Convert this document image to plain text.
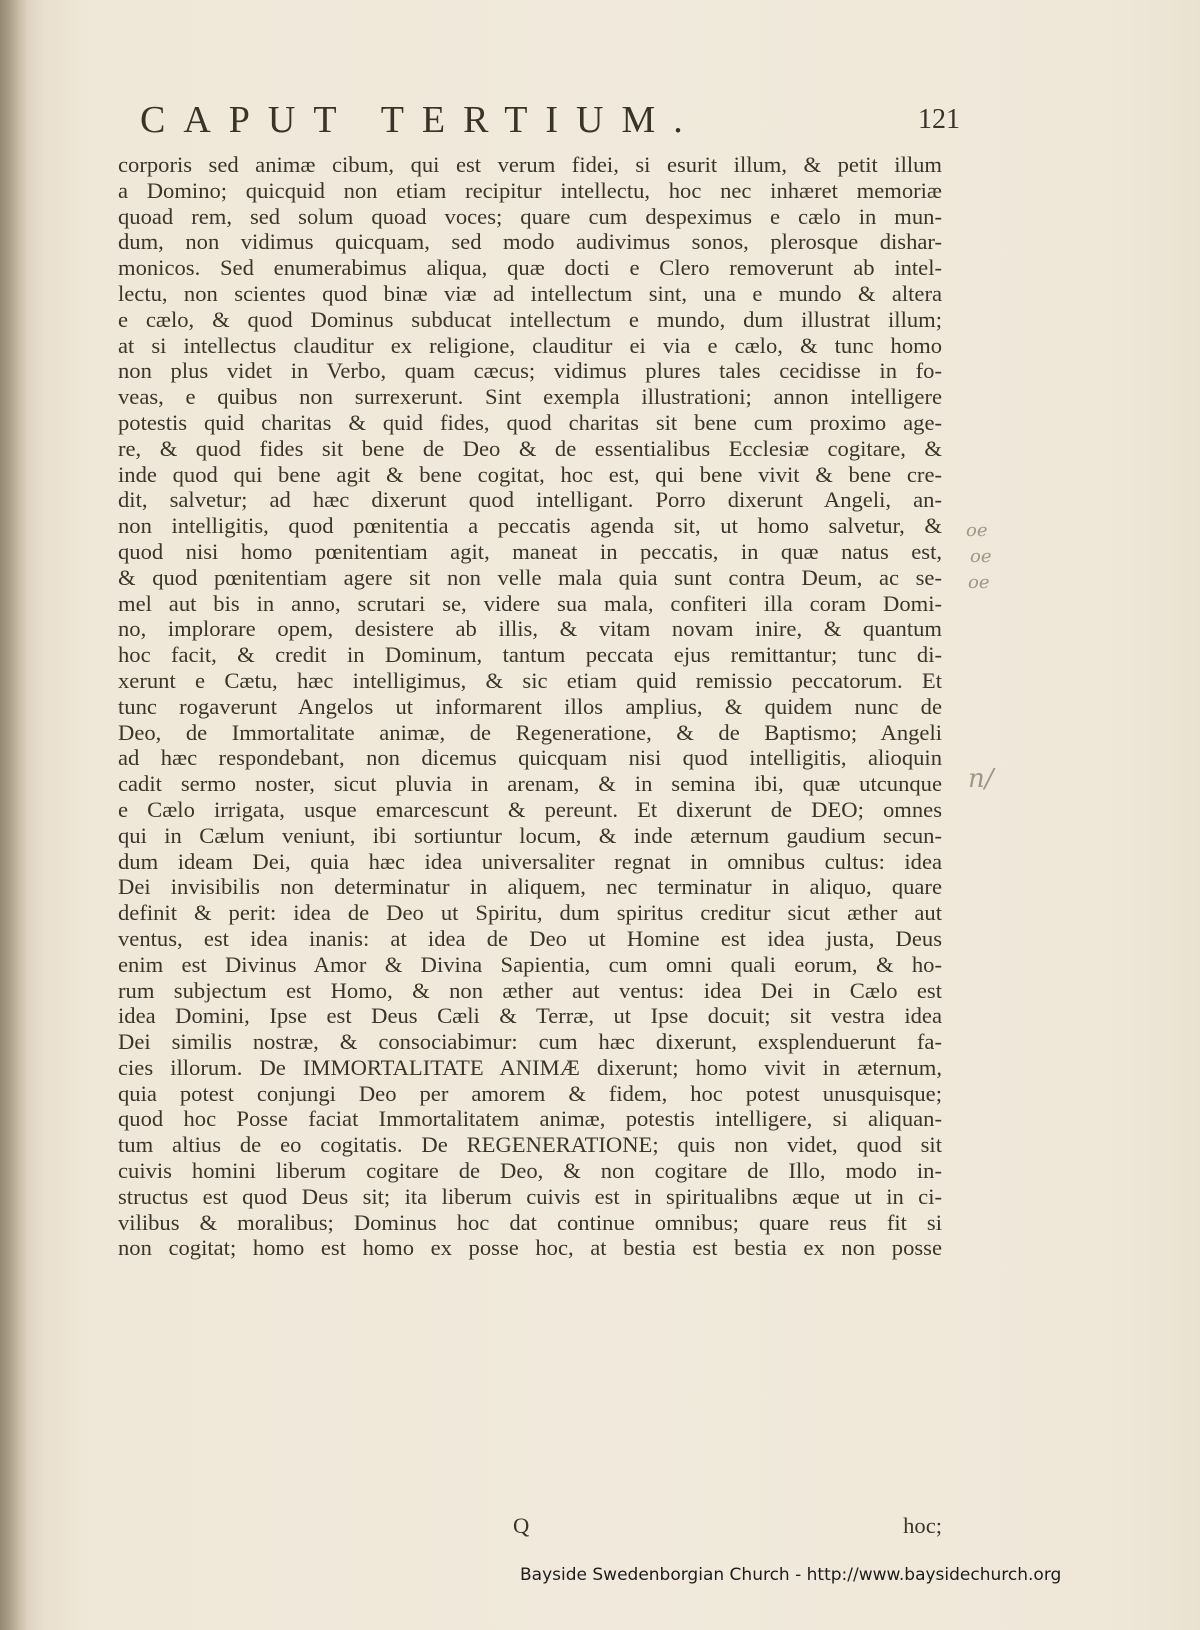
CAPUT TERTIUM.	121
corporis sed animæ cibum, qui est verum fidei, si esurit illum, & petit illum
a Domino; quicquid non etiam recipitur intellectu, hoc nec inhæret memoriæ
quoad rem, sed solum quoad voces; quare cum despeximus e cælo in mun-
dum, non vidimus quicquam, sed modo audivimus sonos, plerosque dishar-
monicos. Sed enumerabimus aliqua, quæ docti e Clero removerunt ab intel-
lectu, non scientes quod binæ viæ ad intellectum sint, una e mundo & altera
e cælo, & quod Dominus subducat intellectum e mundo, dum illustrat illum;
at si intellectus clauditur ex religione, clauditur ei via e cælo, & tunc homo
non plus videt in Verbo, quam cæcus; vidimus plures tales cecidisse in fo-
veas, e quibus non surrexerunt. Sint exempla illustrationi; annon intelligere
potestis quid charitas & quid fides, quod charitas sit bene cum proximo age-
re, & quod fides sit bene de Deo & de essentialibus Ecclesiæ cogitare, &
inde quod qui bene agit & bene cogitat, hoc est, qui bene vivit & bene cre-
dit, salvetur; ad hæc dixerunt quod intelligant. Porro dixerunt Angeli, an-
non intelligitis, quod pœnitentia a peccatis agenda sit, ut homo salvetur, &
quod nisi homo pœnitentiam agit, maneat in peccatis, in quæ natus est,
& quod pœnitentiam agere sit non velle mala quia sunt contra Deum, ac se-
mel aut bis in anno, scrutari se, videre sua mala, confiteri illa coram Domi-
no, implorare opem, desistere ab illis, & vitam novam inire, & quantum
hoc facit, & credit in Dominum, tantum peccata ejus remittantur; tunc di-
xerunt e Cætu, hæc intelligimus, & sic etiam quid remissio peccatorum. Et
tunc rogaverunt Angelos ut informarent illos amplius, & quidem nunc de
Deo, de Immortalitate animæ, de Regeneratione, & de Baptismo; Angeli
ad hæc respondebant, non dicemus quicquam nisi quod intelligitis, alioquin
cadit sermo noster, sicut pluvia in arenam, & in semina ibi, quæ utcunque
e Cælo irrigata, usque emarcescunt & pereunt. Et dixerunt de DEO; omnes
qui in Cælum veniunt, ibi sortiuntur locum, & inde æternum gaudium secun-
dum ideam Dei, quia hæc idea universaliter regnat in omnibus cultus: idea
Dei invisibilis non determinatur in aliquem, nec terminatur in aliquo, quare
definit & perit: idea de Deo ut Spiritu, dum spiritus creditur sicut æther aut
ventus, est idea inanis: at idea de Deo ut Homine est idea justa, Deus
enim est Divinus Amor & Divina Sapientia, cum omni quali eorum, & ho-
rum subjectum est Homo, & non æther aut ventus: idea Dei in Cælo est
idea Domini, Ipse est Deus Cæli & Terræ, ut Ipse docuit; sit vestra idea
Dei similis nostræ, & consociabimur: cum hæc dixerunt, exsplenduerunt fa-
cies illorum. De IMMORTALITATE ANIMÆ dixerunt; homo vivit in æternum,
quia potest conjungi Deo per amorem & fidem, hoc potest unusquisque;
quod hoc Posse faciat Immortalitatem animæ, potestis intelligere, si aliquan-
tum altius de eo cogitatis. De REGENERATIONE; quis non videt, quod sit
cuivis homini liberum cogitare de Deo, & non cogitare de Illo, modo in-
structus est quod Deus sit; ita liberum cuivis est in spiritualibns æque ut in ci-
vilibus & moralibus; Dominus hoc dat continue omnibus; quare reus fit si
non cogitat; homo est homo ex posse hoc, at bestia est bestia ex non posse
Q	hoc;
oe
oe
oe
n/
Bayside Swedenborgian Church - http://www.baysidechurch.org
